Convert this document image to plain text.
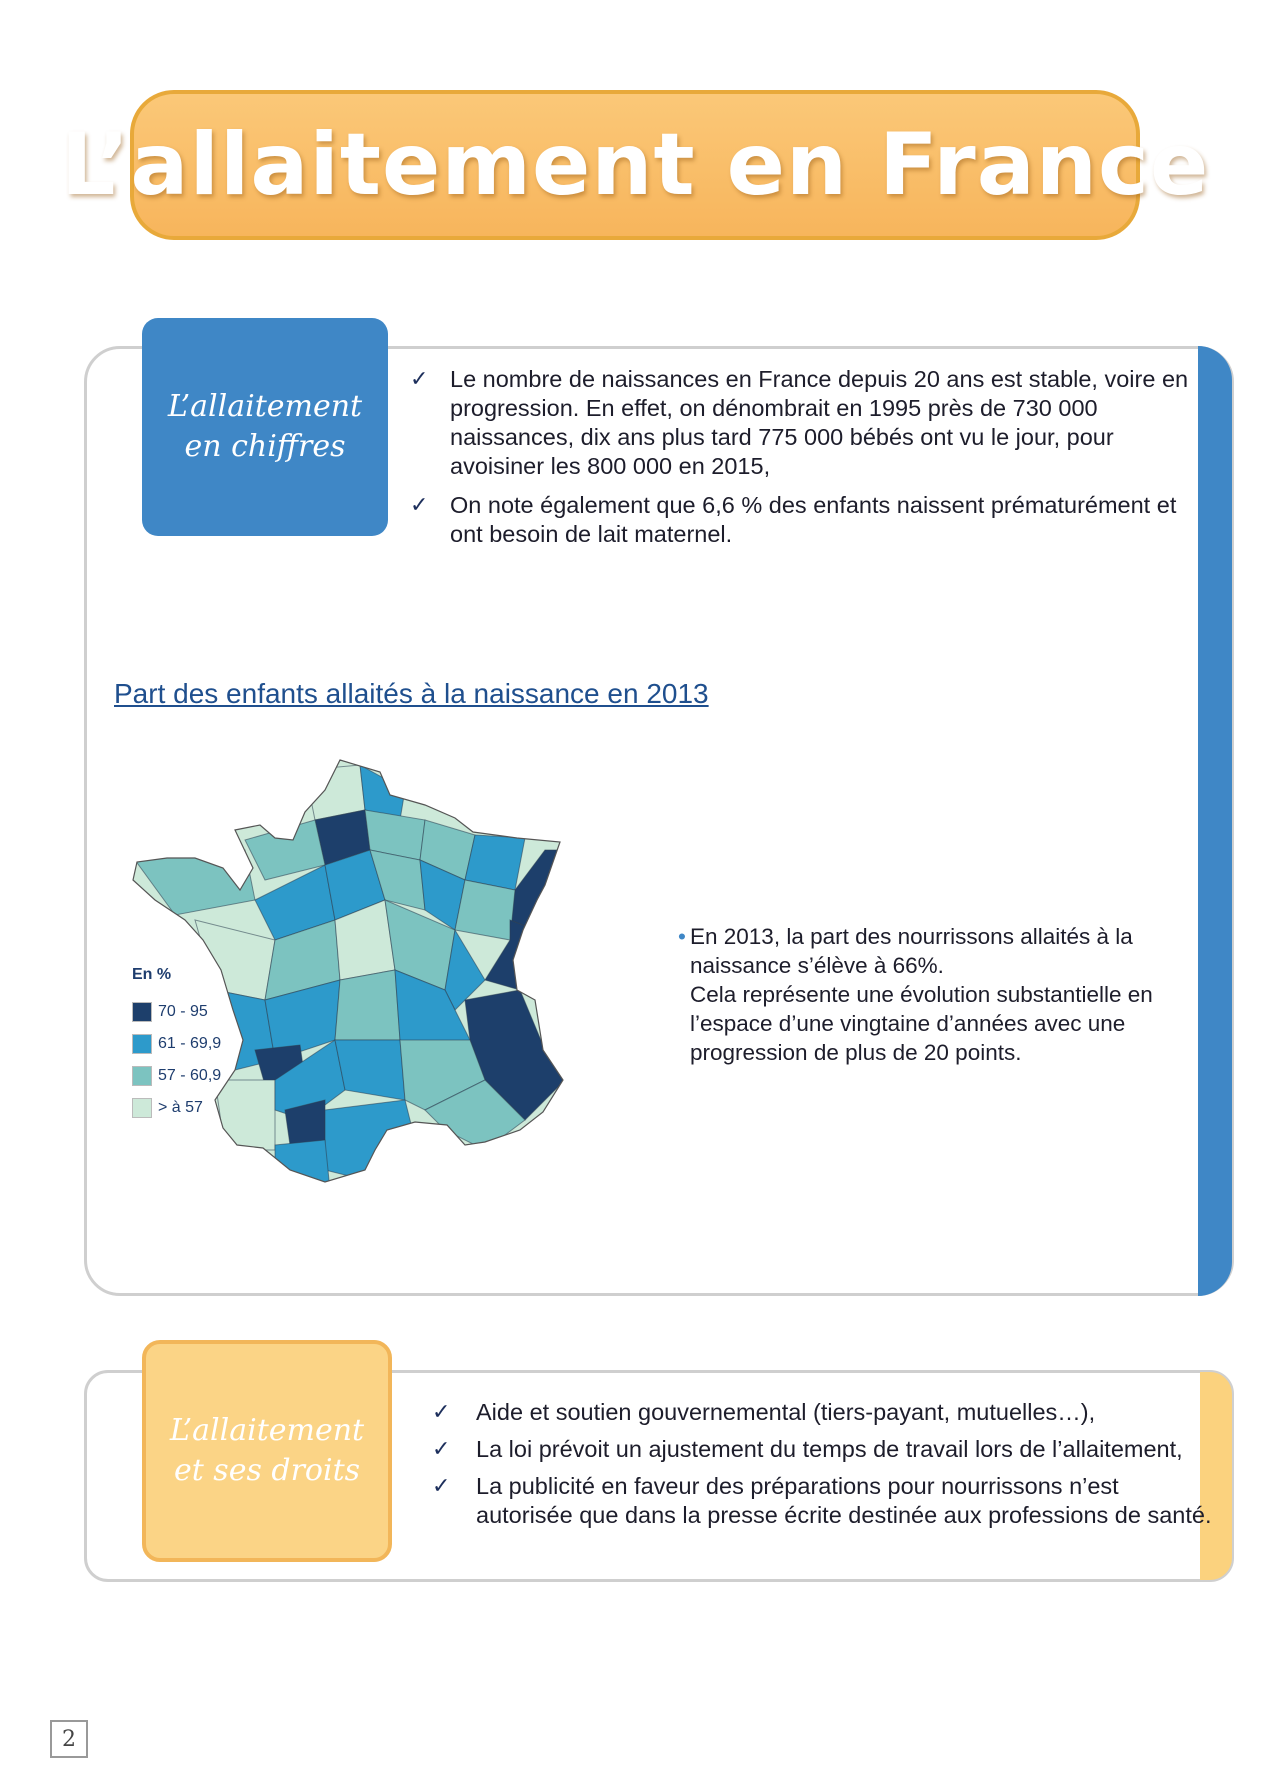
L’allaitement en France
L’allaitement
en chiffres
✓ Le nombre de naissances en France depuis 20 ans est stable, voire en progression. En effet, on dénombrait en 1995 près de 730 000 naissances, dix ans plus tard 775 000 bébés ont vu le jour, pour avoisiner les 800 000 en 2015,
✓ On note également que 6,6 % des enfants naissent prématurément et ont besoin de lait maternel.
Part des enfants allaités à la naissance en 2013
En %
70 - 95
61 - 69,9
57 - 60,9
> à 57
• En 2013, la part des nourrissons allaités à la naissance s’élève à 66%.
Cela représente une évolution substantielle en l’espace d’une vingtaine d’années avec une progression de plus de 20 points.
L’allaitement
et ses droits
✓ Aide et soutien gouvernemental (tiers-payant, mutuelles…),
✓ La loi prévoit un ajustement du temps de travail lors de l’allaitement,
✓ La publicité en faveur des préparations pour nourrissons n’est autorisée que dans la presse écrite destinée aux professions de santé.
2
